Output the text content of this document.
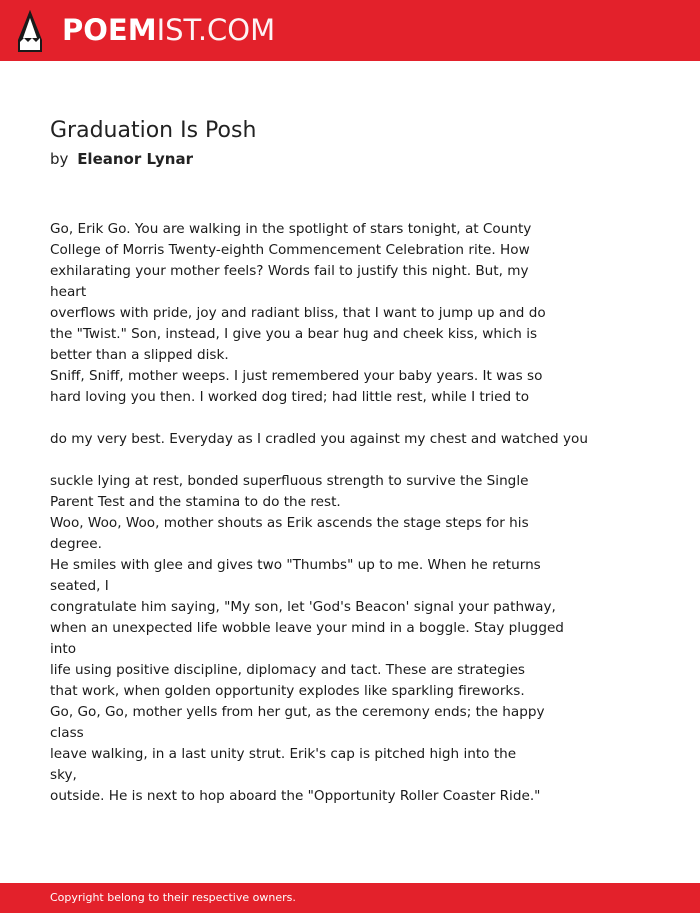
POEMIST.COM
Graduation Is Posh
by Eleanor Lynar
Go, Erik Go. You are walking in the spotlight of stars tonight, at County
College of Morris Twenty-eighth Commencement Celebration rite. How
exhilarating your mother feels? Words fail to justify this night. But, my
heart
overflows with pride, joy and radiant bliss, that I want to jump up and do
the "Twist." Son, instead, I give you a bear hug and cheek kiss, which is
better than a slipped disk.
Sniff, Sniff, mother weeps. I just remembered your baby years. It was so
hard loving you then. I worked dog tired; had little rest, while I tried to
do my very best. Everyday as I cradled you against my chest and watched you
suckle lying at rest, bonded superfluous strength to survive the Single
Parent Test and the stamina to do the rest.
Woo, Woo, Woo, mother shouts as Erik ascends the stage steps for his
degree.
He smiles with glee and gives two "Thumbs" up to me. When he returns
seated, I
congratulate him saying, "My son, let 'God's Beacon' signal your pathway,
when an unexpected life wobble leave your mind in a boggle. Stay plugged
into
life using positive discipline, diplomacy and tact. These are strategies
that work, when golden opportunity explodes like sparkling fireworks.
Go, Go, Go, mother yells from her gut, as the ceremony ends; the happy
class
leave walking, in a last unity strut. Erik's cap is pitched high into the
sky,
outside. He is next to hop aboard the "Opportunity Roller Coaster Ride."
Copyright belong to their respective owners.
